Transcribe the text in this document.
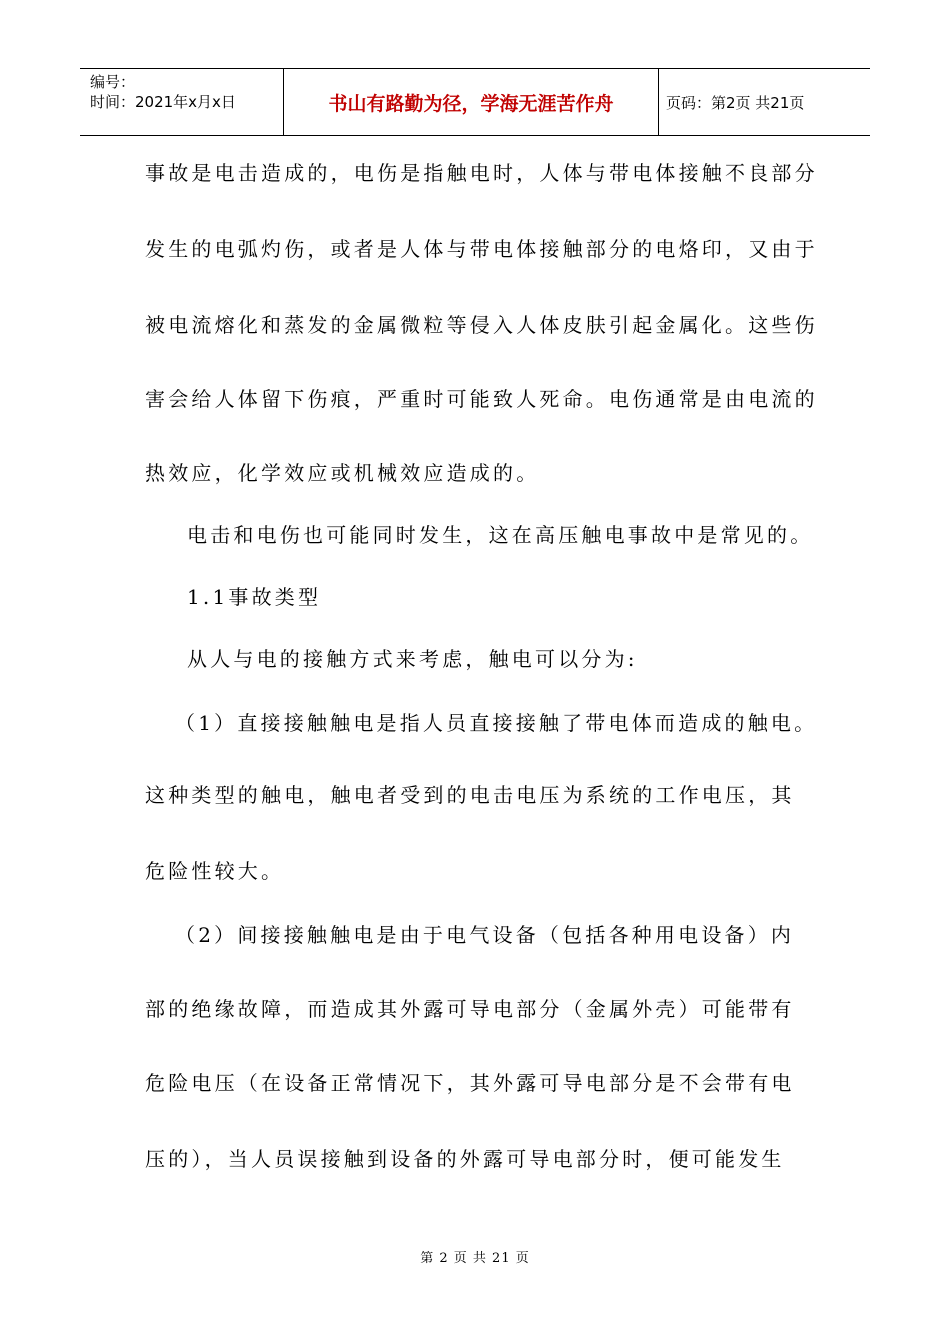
编号：
时间：2021年x月x日	书山有路勤为径，学海无涯苦作舟	页码：第2页 共21页
事故是电击造成的，电伤是指触电时，人体与带电体接触不良部分
发生的电弧灼伤，或者是人体与带电体接触部分的电烙印，又由于
被电流熔化和蒸发的金属微粒等侵入人体皮肤引起金属化。这些伤
害会给人体留下伤痕，严重时可能致人死命。电伤通常是由电流的
热效应，化学效应或机械效应造成的。
电击和电伤也可能同时发生，这在高压触电事故中是常见的。
1.1事故类型
从人与电的接触方式来考虑，触电可以分为:
（1）直接接触触电是指人员直接接触了带电体而造成的触电。
这种类型的触电，触电者受到的电击电压为系统的工作电压，其
危险性较大。
（2）间接接触触电是由于电气设备（包括各种用电设备）内
部的绝缘故障，而造成其外露可导电部分（金属外壳）可能带有
危险电压（在设备正常情况下，其外露可导电部分是不会带有电
压的），当人员误接触到设备的外露可导电部分时，便可能发生
第 2 页 共 21 页
